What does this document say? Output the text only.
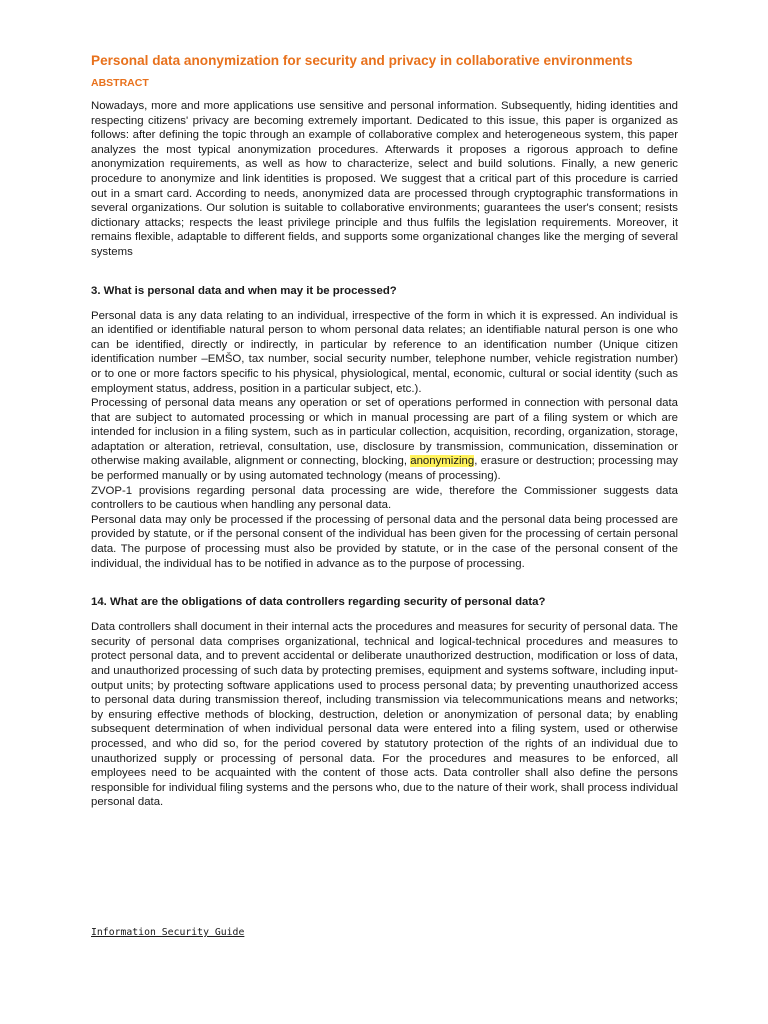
Personal data anonymization for security and privacy in collaborative environments
ABSTRACT

Nowadays, more and more applications use sensitive and personal information. Subsequently, hiding identities and respecting citizens' privacy are becoming extremely important. Dedicated to this issue, this paper is organized as follows: after defining the topic through an example of collaborative complex and heterogeneous system, this paper analyzes the most typical anonymization procedures. Afterwards it proposes a rigorous approach to define anonymization requirements, as well as how to characterize, select and build solutions. Finally, a new generic procedure to anonymize and link identities is proposed. We suggest that a critical part of this procedure is carried out in a smart card. According to needs, anonymized data are processed through cryptographic transformations in several organizations. Our solution is suitable to collaborative environments; guarantees the user's consent; resists dictionary attacks; respects the least privilege principle and thus fulfils the legislation requirements. Moreover, it remains flexible, adaptable to different fields, and supports some organizational changes like the merging of several systems

3. What is personal data and when may it be processed?

Personal data is any data relating to an individual, irrespective of the form in which it is expressed. An individual is an identified or identifiable natural person to whom personal data relates; an identifiable natural person is one who can be identified, directly or indirectly, in particular by reference to an identification number (Unique citizen identification number –EMŠO, tax number, social security number, telephone number, vehicle registration number) or to one or more factors specific to his physical, physiological, mental, economic, cultural or social identity (such as employment status, address, position in a particular subject, etc.).

Processing of personal data means any operation or set of operations performed in connection with personal data that are subject to automated processing or which in manual processing are part of a filing system or which are intended for inclusion in a filing system, such as in particular collection, acquisition, recording, organization, storage, adaptation or alteration, retrieval, consultation, use, disclosure by transmission, communication, dissemination or otherwise making available, alignment or connecting, blocking, anonymizing, erasure or destruction; processing may be performed manually or by using automated technology (means of processing).

ZVOP-1 provisions regarding personal data processing are wide, therefore the Commissioner suggests data controllers to be cautious when handling any personal data.

Personal data may only be processed if the processing of personal data and the personal data being processed are provided by statute, or if the personal consent of the individual has been given for the processing of certain personal data. The purpose of processing must also be provided by statute, or in the case of the personal consent of the individual, the individual has to be notified in advance as to the purpose of processing.

14. What are the obligations of data controllers regarding security of personal data?

Data controllers shall document in their internal acts the procedures and measures for security of personal data. The security of personal data comprises organizational, technical and logical-technical procedures and measures to protect personal data, and to prevent accidental or deliberate unauthorized destruction, modification or loss of data, and unauthorized processing of such data by protecting premises, equipment and systems software, including input-output units; by protecting software applications used to process personal data; by preventing unauthorized access to personal data during transmission thereof, including transmission via telecommunications means and networks; by ensuring effective methods of blocking, destruction, deletion or anonymization of personal data; by enabling subsequent determination of when individual personal data were entered into a filing system, used or otherwise processed, and who did so, for the period covered by statutory protection of the rights of an individual due to unauthorized supply or processing of personal data. For the procedures and measures to be enforced, all employees need to be acquainted with the content of those acts. Data controller shall also define the persons responsible for individual filing systems and the persons who, due to the nature of their work, shall process individual personal data.

Information Security Guide
